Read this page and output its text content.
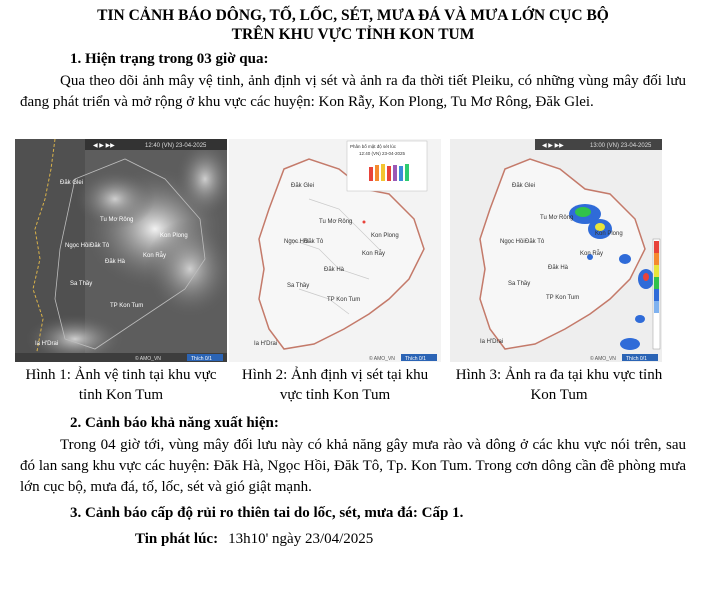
TIN CẢNH BÁO DÔNG, TỐ, LỐC, SÉT, MƯA ĐÁ VÀ MƯA LỚN CỤC BỘ
TRÊN KHU VỰC TỈNH KON TUM
1. Hiện trạng trong 03 giờ qua:
Qua theo dõi ảnh mây vệ tinh, ảnh định vị sét và ảnh ra đa thời tiết Pleiku, có những vùng mây đối lưu đang phát triển và mở rộng ở khu vực các huyện: Kon Rẫy, Kon Plong, Tu Mơ Rông, Đăk Glei.
◀ ▶ ▶▶	12:40 (VN) 23-04-2025
Đăk Glei
Tu Mơ Rông
Kon Plong
Ngọc Hồi Đăk Tô
Đăk Hà
Kon Rẫy
Sa Thầy
TP Kon Tum
Ia H'Drai
© AMO_VN	Thích 0/1
Phân bố mật độ sét lúc
12:40 (VN) 23-04-2025
Đăk Glei
Tu Mơ Rông
Kon Plong
Ngọc Hồi
Đăk Tô
Đăk Hà
Kon Rẫy
Sa Thầy
TP Kon Tum
Ia H'Drai
© AMO_VN Thích 0/1
◀ ▶ ▶▶	13:00 (VN) 23-04-2025
Đăk Glei
Tu Mơ Rông
Kon Plong
Ngọc Hồi Đăk Tô
Đăk Hà
Kon Rẫy
Sa Thầy
TP Kon Tum
Ia H'Drai
© AMO_VN Thích 0/1
Hình 1: Ảnh vệ tinh tại khu vực tỉnh Kon Tum
Hình 2: Ảnh định vị sét tại khu vực tỉnh Kon Tum
Hình 3: Ảnh ra đa tại khu vực tỉnh Kon Tum
2. Cảnh báo khả năng xuất hiện:
Trong 04 giờ tới, vùng mây đối lưu này có khả năng gây mưa rào và dông ở các khu vực nói trên, sau đó lan sang khu vực các huyện: Đăk Hà, Ngọc Hồi, Đăk Tô, Tp. Kon Tum. Trong cơn dông cần đề phòng mưa lớn cục bộ, mưa đá, tố, lốc, sét và gió giật mạnh.
3. Cảnh báo cấp độ rủi ro thiên tai do lốc, sét, mưa đá: Cấp 1.
Tin phát lúc: 13h10' ngày 23/04/2025
